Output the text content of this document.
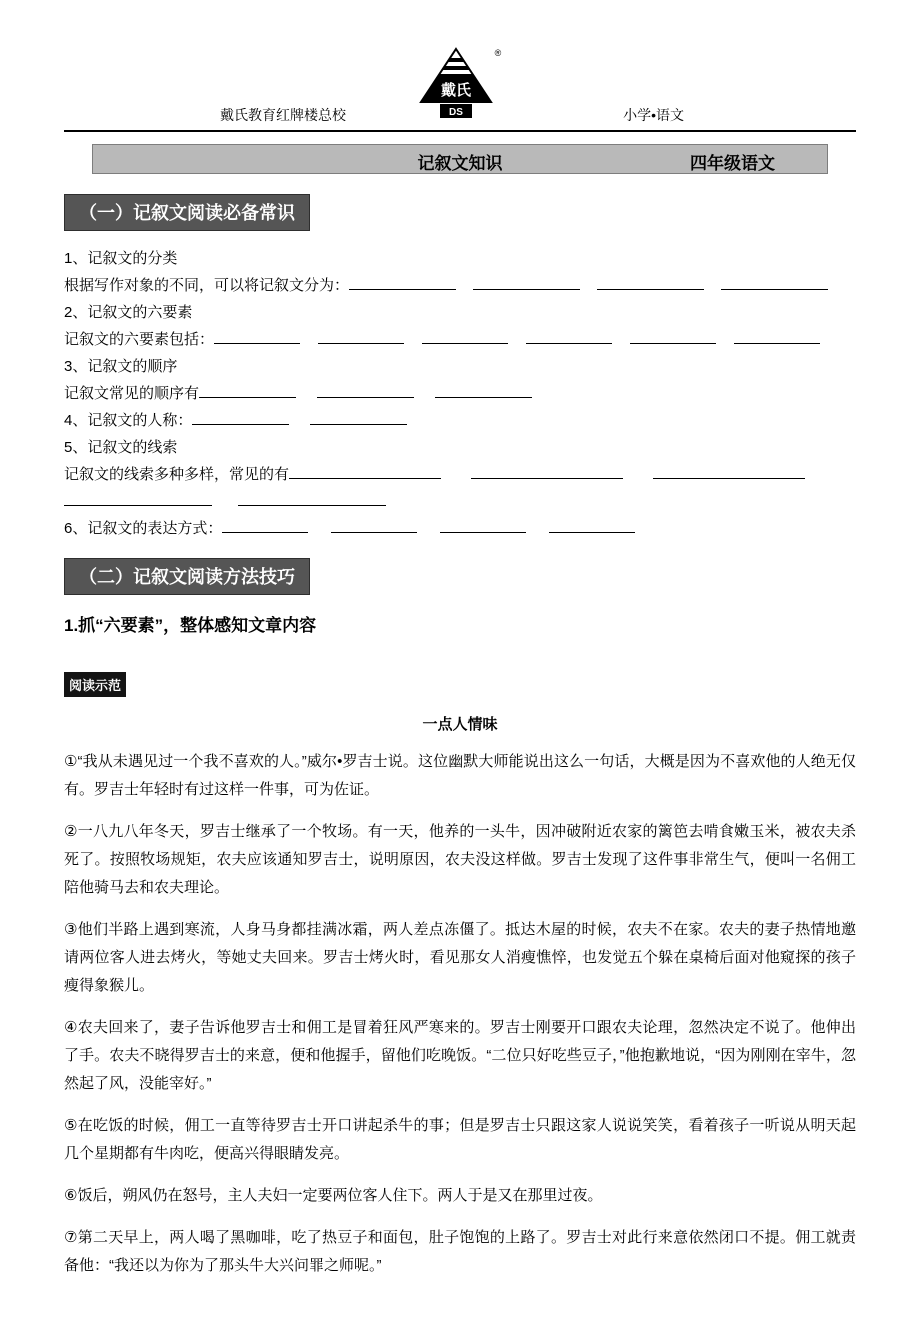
戴氏
DS
®
戴氏教育红牌楼总校	小学•语文
记叙文知识	四年级语文
（一）记叙文阅读必备常识
1、记叙文的分类
根据写作对象的不同，可以将记叙文分为：
2、记叙文的六要素
记叙文的六要素包括：
3、记叙文的顺序
记叙文常见的顺序有
4、记叙文的人称：
5、记叙文的线索
记叙文的线索多种多样，常见的有
6、记叙文的表达方式：
（二）记叙文阅读方法技巧
1.抓“六要素”，整体感知文章内容
阅读示范
一点人情味

①“我从未遇见过一个我不喜欢的人。”威尔•罗吉士说。这位幽默大师能说出这么一句话，大概是因为不喜欢他的人绝无仅有。罗吉士年轻时有过这样一件事，可为佐证。

②一八九八年冬天，罗吉士继承了一个牧场。有一天，他养的一头牛，因冲破附近农家的篱笆去啃食嫩玉米，被农夫杀死了。按照牧场规矩，农夫应该通知罗吉士，说明原因，农夫没这样做。罗吉士发现了这件事非常生气，便叫一名佣工陪他骑马去和农夫理论。

③他们半路上遇到寒流，人身马身都挂满冰霜，两人差点冻僵了。抵达木屋的时候，农夫不在家。农夫的妻子热情地邀请两位客人进去烤火，等她丈夫回来。罗吉士烤火时，看见那女人消瘦憔悴，也发觉五个躲在桌椅后面对他窥探的孩子瘦得象猴儿。

④农夫回来了，妻子告诉他罗吉士和佣工是冒着狂风严寒来的。罗吉士刚要开口跟农夫论理，忽然决定不说了。他伸出了手。农夫不晓得罗吉士的来意，便和他握手，留他们吃晚饭。“二位只好吃些豆子，”他抱歉地说，“因为刚刚在宰牛，忽然起了风，没能宰好。”

⑤在吃饭的时候，佣工一直等待罗吉士开口讲起杀牛的事；但是罗吉士只跟这家人说说笑笑，看着孩子一听说从明天起几个星期都有牛肉吃，便高兴得眼睛发亮。

⑥饭后，朔风仍在怒号，主人夫妇一定要两位客人住下。两人于是又在那里过夜。

⑦第二天早上，两人喝了黑咖啡，吃了热豆子和面包，肚子饱饱的上路了。罗吉士对此行来意依然闭口不提。佣工就责备他：“我还以为你为了那头牛大兴问罪之师呢。”
